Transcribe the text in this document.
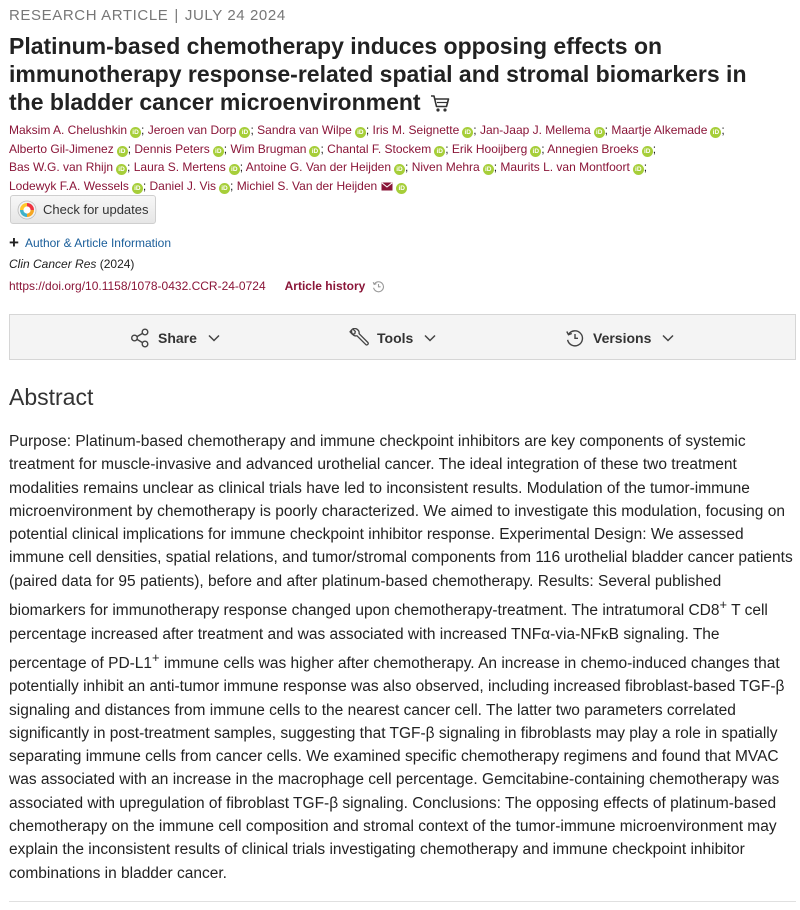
RESEARCH ARTICLE | JULY 24 2024
Platinum-based chemotherapy induces opposing effects on immunotherapy response-related spatial and stromal biomarkers in the bladder cancer microenvironment
Maksim A. Chelushkin iD ; Jeroen van Dorp iD ; Sandra van Wilpe iD ; Iris M. Seignette iD ; Jan-Jaap J. Mellema iD ; Maartje Alkemade iD ;
Alberto Gil-Jimenez iD ; Dennis Peters iD ; Wim Brugman iD ; Chantal F. Stockem iD ; Erik Hooijberg iD ; Annegien Broeks iD ;
Bas W.G. van Rhijn iD ; Laura S. Mertens iD ; Antoine G. Van der Heijden iD ; Niven Mehra iD ; Maurits L. van Montfoort iD ;
Lodewyk F.A. Wessels iD ; Daniel J. Vis iD ; Michiel S. Van der Heijden	iD
Check for updates
+ Author & Article Information
Clin Cancer Res (2024)
https://doi.org/10.1158/1078-0432.CCR-24-0724 Article history
Share	Tools	Versions
Abstract

Purpose: Platinum-based chemotherapy and immune checkpoint inhibitors are key components of systemic treatment for muscle-invasive and advanced urothelial cancer. The ideal integration of these two treatment modalities remains unclear as clinical trials have led to inconsistent results. Modulation of the tumor-immune microenvironment by chemotherapy is poorly characterized. We aimed to investigate this modulation, focusing on potential clinical implications for immune checkpoint inhibitor response. Experimental Design: We assessed immune cell densities, spatial relations, and tumor/stromal components from 116 urothelial bladder cancer patients (paired data for 95 patients), before and after platinum-based chemotherapy. Results: Several published biomarkers for immunotherapy response changed upon chemotherapy-treatment. The intratumoral CD8+ T cell percentage increased after treatment and was associated with increased TNFα-via-NFκB signaling. The percentage of PD-L1+ immune cells was higher after chemotherapy. An increase in chemo-induced changes that potentially inhibit an anti-tumor immune response was also observed, including increased fibroblast-based TGF-β signaling and distances from immune cells to the nearest cancer cell. The latter two parameters correlated significantly in post-treatment samples, suggesting that TGF-β signaling in fibroblasts may play a role in spatially separating immune cells from cancer cells. We examined specific chemotherapy regimens and found that MVAC was associated with an increase in the macrophage cell percentage. Gemcitabine-containing chemotherapy was associated with upregulation of fibroblast TGF-β signaling. Conclusions: The opposing effects of platinum-based chemotherapy on the immune cell composition and stromal context of the tumor-immune microenvironment may explain the inconsistent results of clinical trials investigating chemotherapy and immune checkpoint inhibitor combinations in bladder cancer.
